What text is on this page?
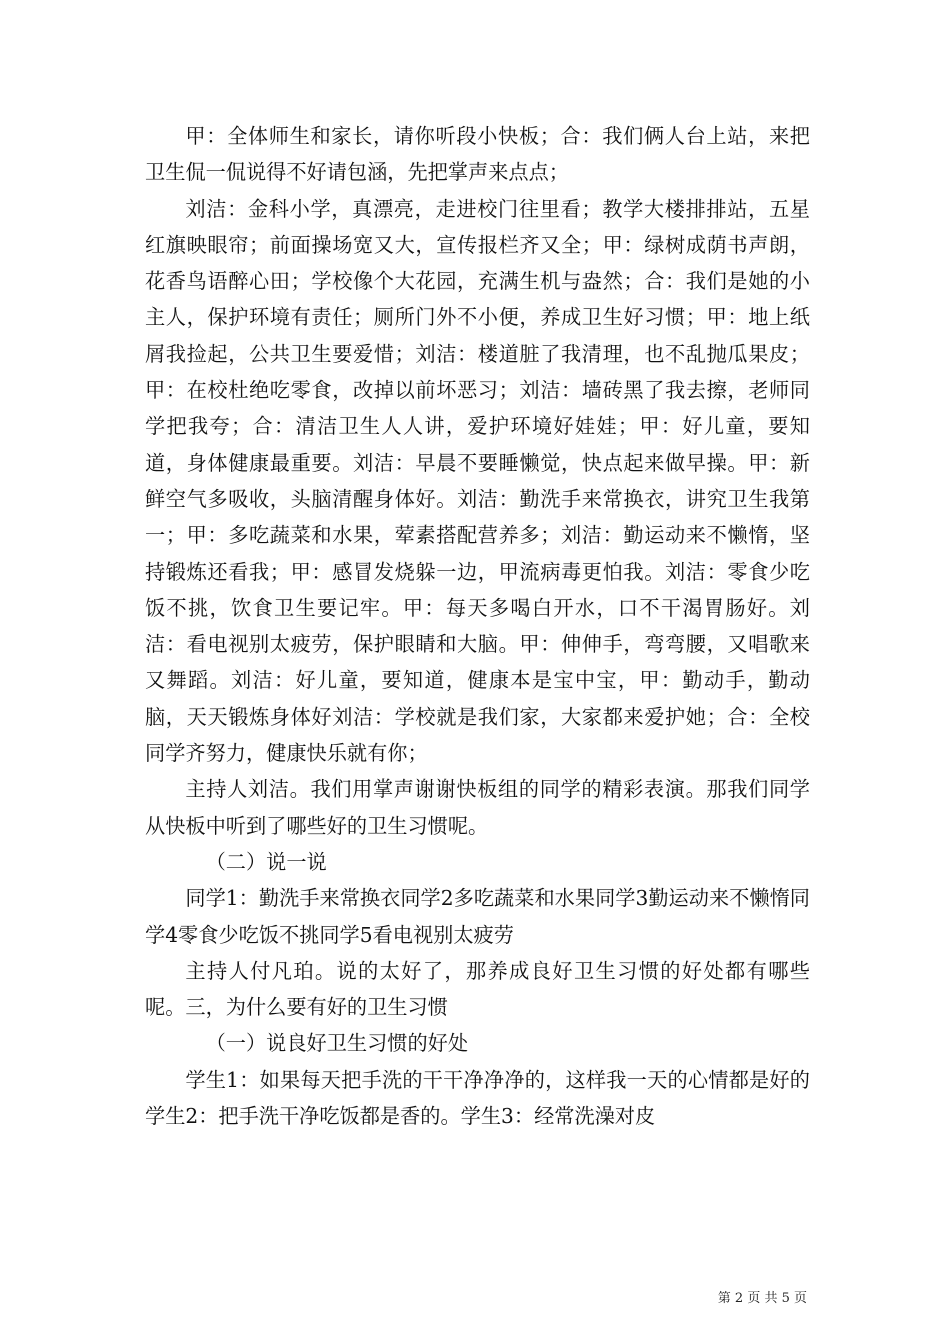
甲：全体师生和家长，请你听段小快板；合：我们俩人台上站，来把卫生侃一侃说得不好请包涵，先把掌声来点点；

刘洁：金科小学，真漂亮，走进校门往里看；教学大楼排排站，五星红旗映眼帘；前面操场宽又大，宣传报栏齐又全；甲：绿树成荫书声朗，花香鸟语醉心田；学校像个大花园，充满生机与盎然；合：我们是她的小主人，保护环境有责任；厕所门外不小便，养成卫生好习惯；甲：地上纸屑我捡起，公共卫生要爱惜；刘洁：楼道脏了我清理，也不乱抛瓜果皮；甲：在校杜绝吃零食，改掉以前坏恶习；刘洁：墙砖黑了我去擦，老师同学把我夸；合：清洁卫生人人讲，爱护环境好娃娃；甲：好儿童，要知道，身体健康最重要。刘洁：早晨不要睡懒觉，快点起来做早操。甲：新鲜空气多吸收，头脑清醒身体好。刘洁：勤洗手来常换衣，讲究卫生我第一；甲：多吃蔬菜和水果，荤素搭配营养多；刘洁：勤运动来不懒惰，坚持锻炼还看我；甲：感冒发烧躲一边，甲流病毒更怕我。刘洁：零食少吃饭不挑，饮食卫生要记牢。甲：每天多喝白开水，口不干渴胃肠好。刘洁：看电视别太疲劳，保护眼睛和大脑。甲：伸伸手，弯弯腰，又唱歌来又舞蹈。刘洁：好儿童，要知道，健康本是宝中宝，甲：勤动手，勤动脑，天天锻炼身体好刘洁：学校就是我们家，大家都来爱护她；合：全校同学齐努力，健康快乐就有你；

主持人刘洁。我们用掌声谢谢快板组的同学的精彩表演。那我们同学从快板中听到了哪些好的卫生习惯呢。

（二）说一说

同学1：勤洗手来常换衣同学2多吃蔬菜和水果同学3勤运动来不懒惰同学4零食少吃饭不挑同学5看电视别太疲劳

主持人付凡珀。说的太好了，那养成良好卫生习惯的好处都有哪些呢。三，为什么要有好的卫生习惯

（一）说良好卫生习惯的好处

学生1：如果每天把手洗的干干净净净的，这样我一天的心情都是好的学生2：把手洗干净吃饭都是香的。学生3：经常洗澡对皮

第 2 页 共 5 页
